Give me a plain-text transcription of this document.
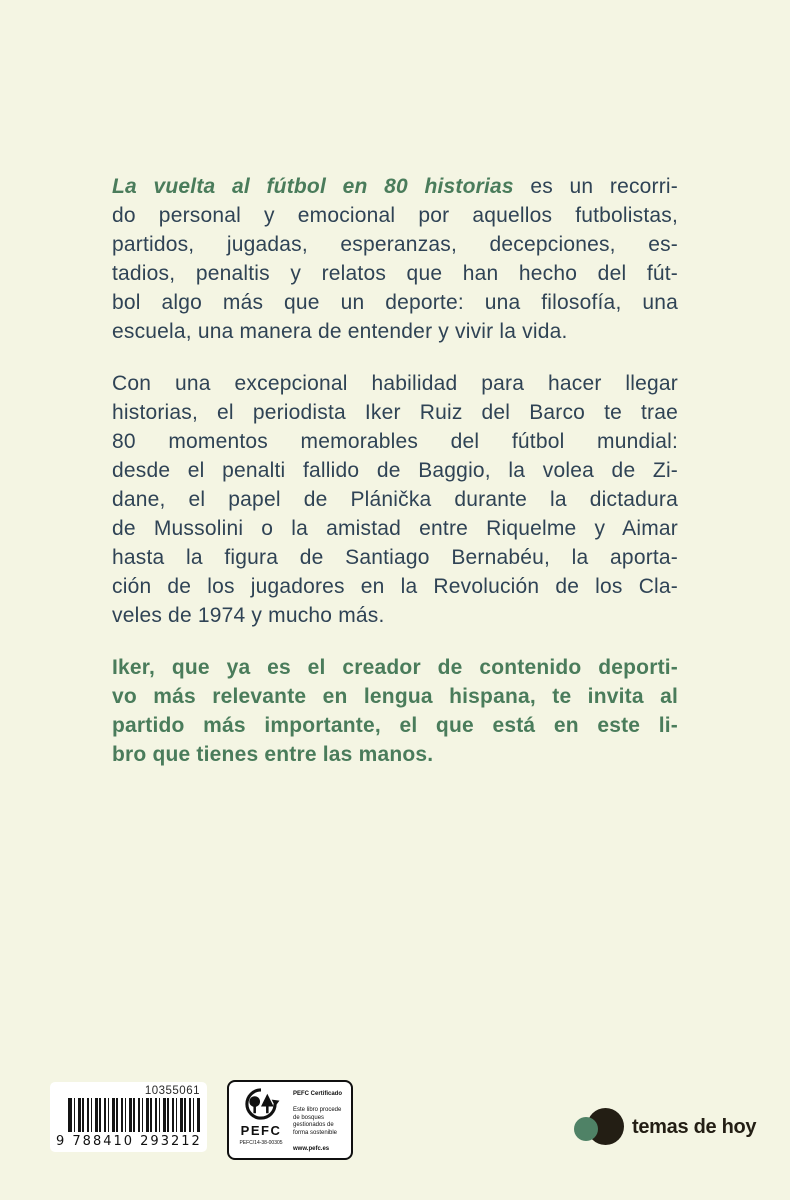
La vuelta al fútbol en 80 historias es un recorri-
do personal y emocional por aquellos futbolistas,
partidos, jugadas, esperanzas, decepciones, es-
tadios, penaltis y relatos que han hecho del fút-
bol algo más que un deporte: una filosofía, una
escuela, una manera de entender y vivir la vida.
Con una excepcional habilidad para hacer llegar
historias, el periodista Iker Ruiz del Barco te trae
80 momentos memorables del fútbol mundial:
desde el penalti fallido de Baggio, la volea de Zi-
dane, el papel de Plánička durante la dictadura
de Mussolini o la amistad entre Riquelme y Aimar
hasta la figura de Santiago Bernabéu, la aporta-
ción de los jugadores en la Revolución de los Cla-
veles de 1974 y mucho más.
Iker, que ya es el creador de contenido deporti-
vo más relevante en lengua hispana, te invita al
partido más importante, el que está en este li-
bro que tienes entre las manos.
10355061
9 788410 293212
PEFC
PEFC/14-38-00305
PEFC Certificado
Este libro procede de bosques gestionados de forma sostenible
www.pefc.es
temas de hoy
